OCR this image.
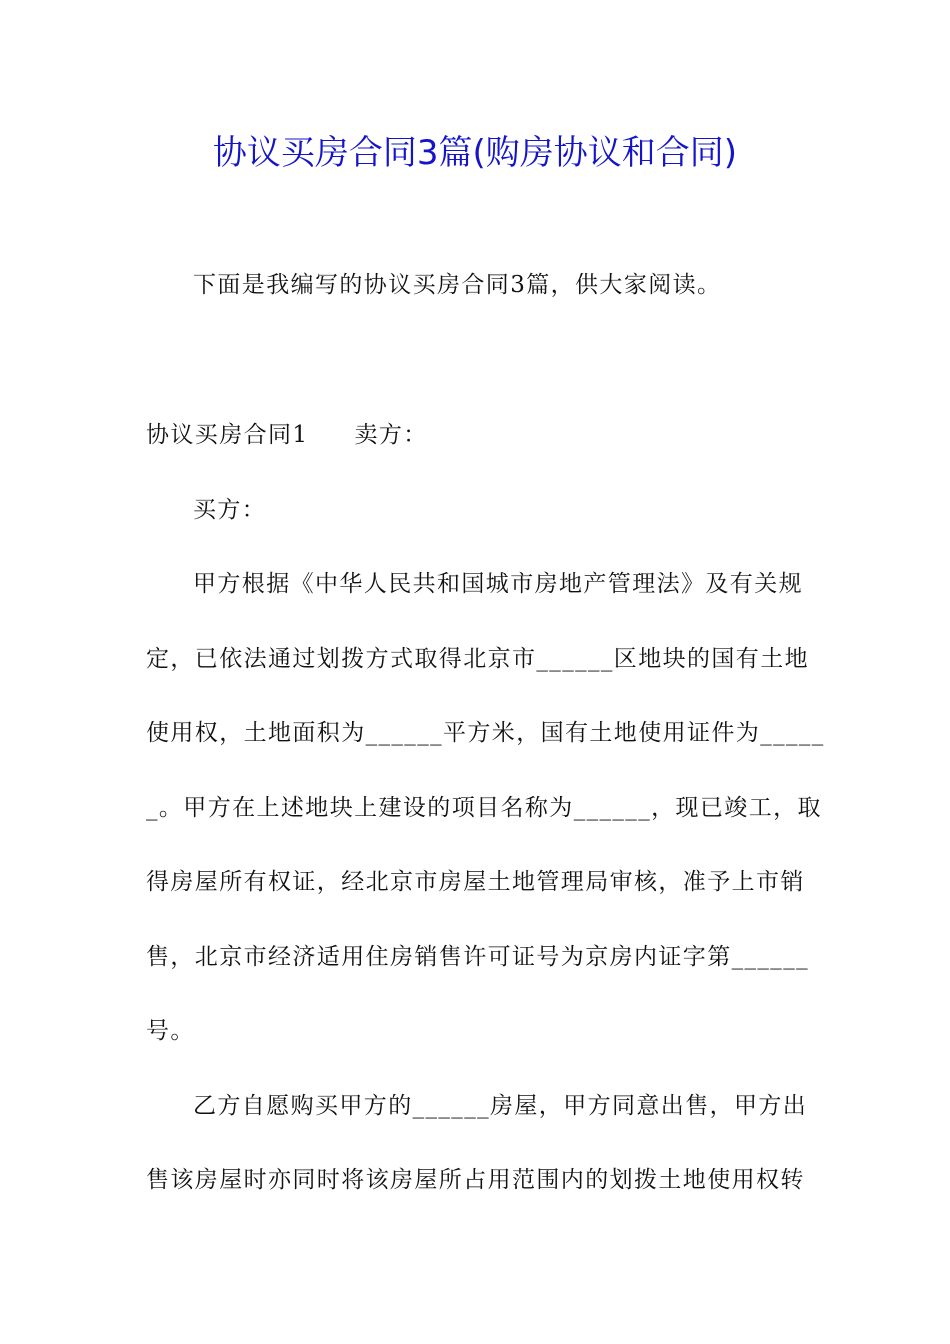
协议买房合同3篇(购房协议和合同)

下面是我编写的协议买房合同3篇，供大家阅读。

协议买房合同1 卖方：

买方：

甲方根据《中华人民共和国城市房地产管理法》及有关规

定，已依法通过划拨方式取得北京市______区地块的国有土地

使用权，土地面积为______平方米，国有土地使用证件为_____

_。甲方在上述地块上建设的项目名称为______，现已竣工，取

得房屋所有权证，经北京市房屋土地管理局审核，准予上市销

售，北京市经济适用住房销售许可证号为京房内证字第______

号。

乙方自愿购买甲方的______房屋，甲方同意出售，甲方出

售该房屋时亦同时将该房屋所占用范围内的划拨土地使用权转
